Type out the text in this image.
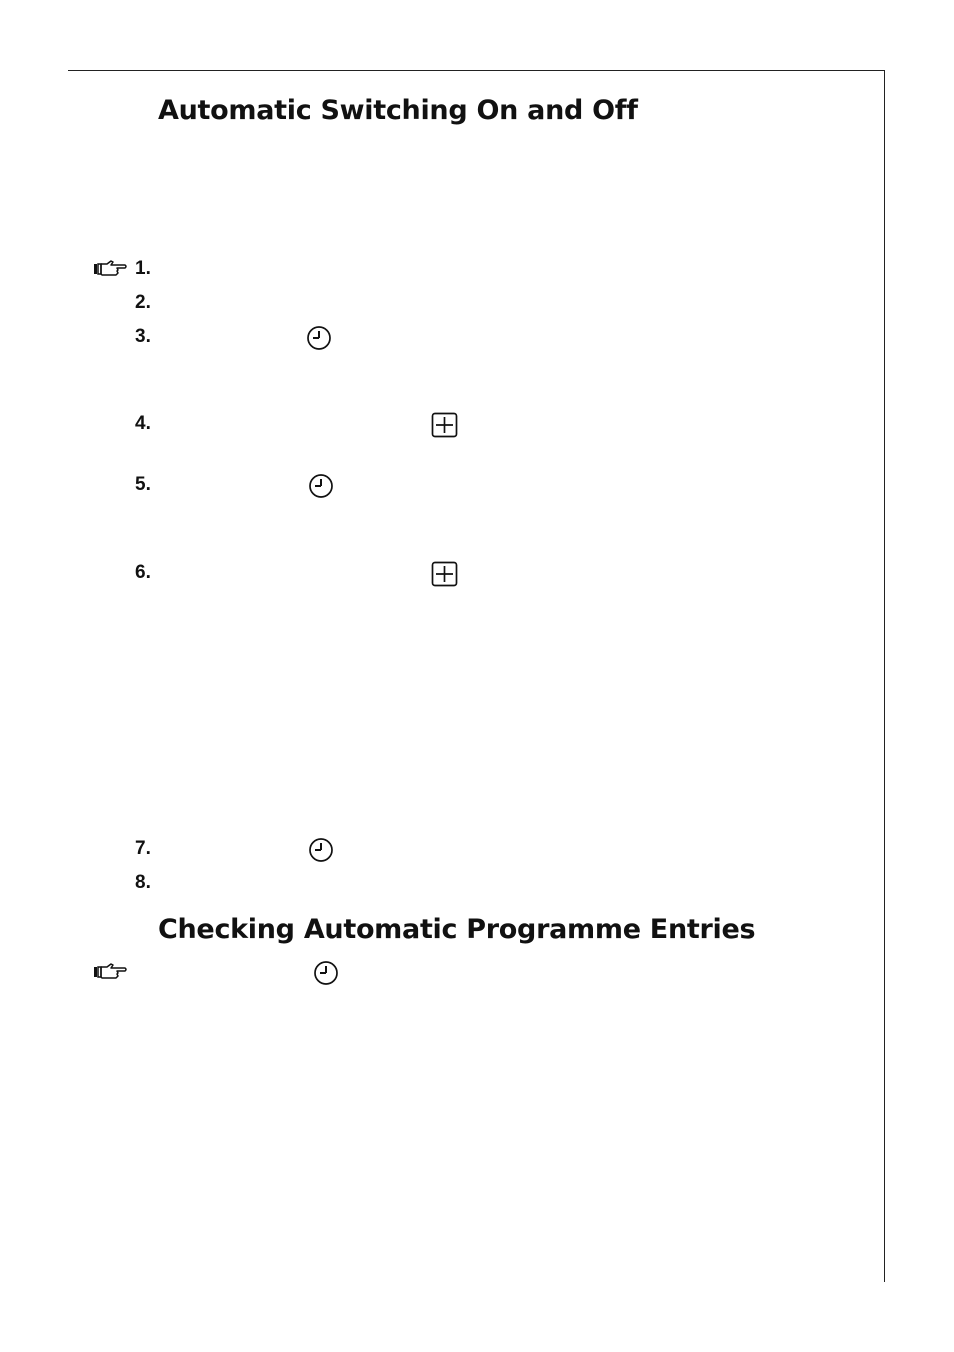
Automatic Switching On and Off
1.
2.
3.
4.
5.
6.
7.
8.
Checking Automatic Programme Entries
